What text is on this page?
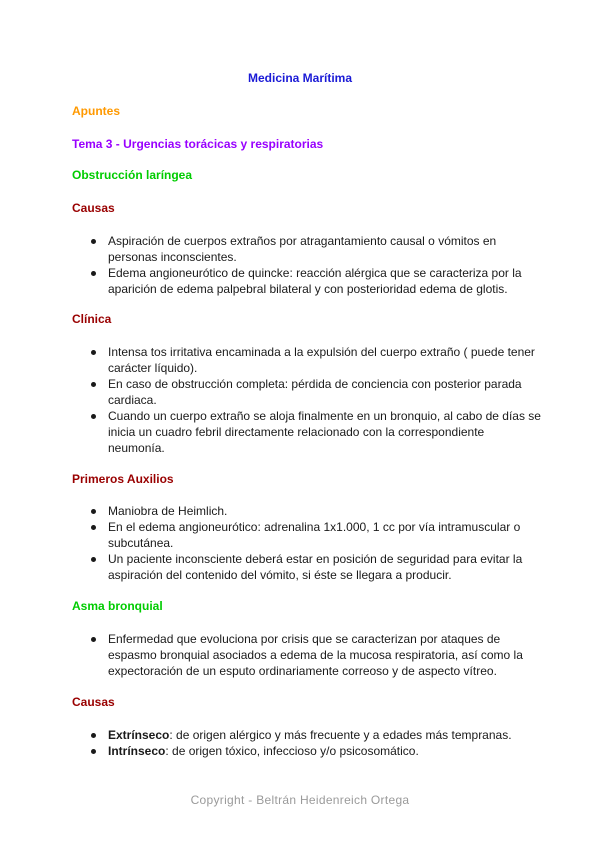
Medicina Marítima

Apuntes

Tema 3 - Urgencias torácicas y respiratorias

Obstrucción laríngea

Causas

Aspiración de cuerpos extraños por atragantamiento causal o vómitos en personas inconscientes.
Edema angioneurótico de quincke: reacción alérgica que se caracteriza por la aparición de edema palpebral bilateral y con posterioridad edema de glotis.

Clínica

Intensa tos irritativa encaminada a la expulsión del cuerpo extraño ( puede tener carácter líquido).
En caso de obstrucción completa: pérdida de conciencia con posterior parada cardiaca.
Cuando un cuerpo extraño se aloja finalmente en un bronquio, al cabo de días se inicia un cuadro febril directamente relacionado con la correspondiente neumonía.

Primeros Auxilios

Maniobra de Heimlich.
En el edema angioneurótico: adrenalina 1x1.000, 1 cc por vía intramuscular o subcutánea.
Un paciente inconsciente deberá estar en posición de seguridad para evitar la aspiración del contenido del vómito, si éste se llegara a producir.

Asma bronquial

Enfermedad que evoluciona por crisis que se caracterizan por ataques de espasmo bronquial asociados a edema de la mucosa respiratoria, así como la expectoración de un esputo ordinariamente correoso y de aspecto vítreo.

Causas

Extrínseco: de origen alérgico y más frecuente y a edades más tempranas.
Intrínseco: de origen tóxico, infeccioso y/o psicosomático.
Copyright - Beltrán Heidenreich Ortega
